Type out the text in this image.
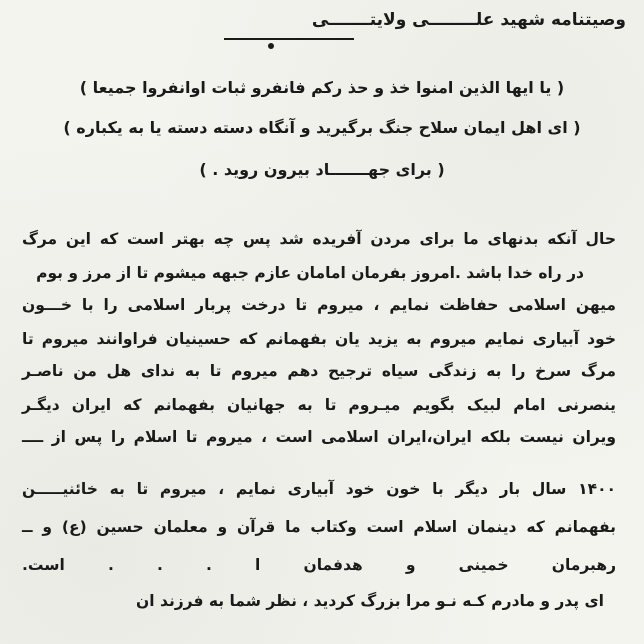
وصیتنامه شهید علــــــــی ولایتـــــــی
( یا ایها الذین امنوا خذ و حذ رکم فانفرو ثبات اوانفروا جمیعا )
( ای اهل ایمان سلاح جنگ برگیرید و آنگاه دسته دسته یا به یکباره )
( برای جهـــــــاد بیرون روید . )
حال آنکه بدنهای ما برای مردن آفریده شد پس چه بهتر است که این مرگ
در راه خدا باشد .امروز بفرمان امامان عازم جبهه میشوم تا از مرز و بوم
میهن اسلامی حفاظت نمایم ، میروم تا درخت پربار اسلامی را با خـــون
خود آبیاری نمایم میروم به یزید یان بفهمانم که حسینیان فراوانند میروم تا
مرگ سرخ را به زندگی سیاه ترجیح دهم میروم تا به ندای هل من ناصـر
ینصرنی امام لبیک بگویم میـروم تا به جهانیان بفهمانم که ایران دیگـر
ویران نیست بلکه ایران،ایران اسلامی است ، میروم تا اسلام را پس از ــــ
۱۴۰۰ سال بار دیگر با خون خود آبیاری نمایم ، میروم تا به خائنیـــــن
بفهمانم که دینمان اسلام است وکتاب ما قرآن و معلمان حسین (ع) و ــ
رهبرمان خمینی و هدفمان ا . . . است.
ای پدر و مادرم کـه نـو مرا بزرگ کردید ، نظر شما به فرزند ان
